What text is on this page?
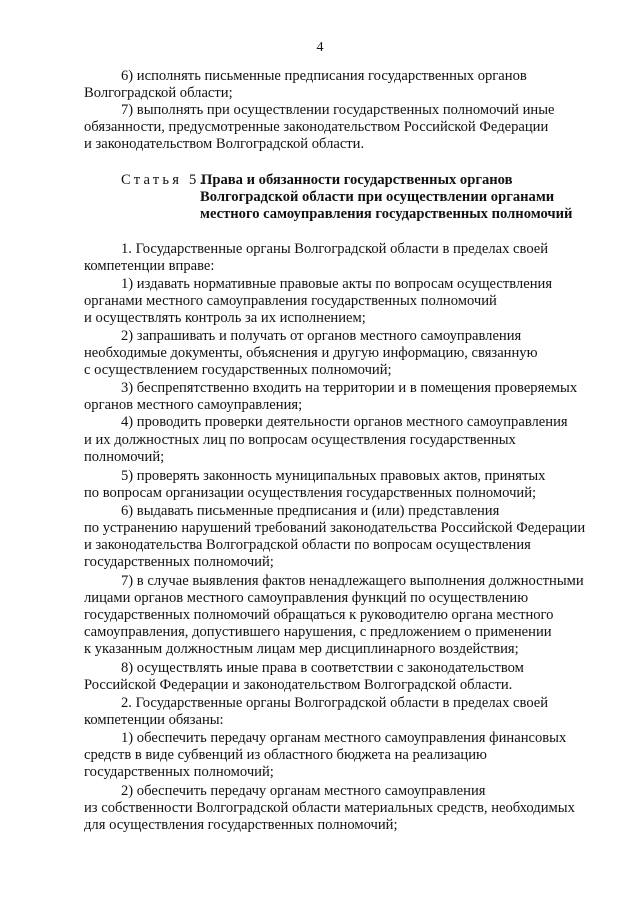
4
6) исполнять письменные предписания государственных органов
Волгоградской области;
7) выполнять при осуществлении государственных полномочий иные
обязанности, предусмотренные законодательством Российской Федерации
и законодательством Волгоградской области.
Статья 5.
Права и обязанности государственных органов
Волгоградской области при осуществлении органами
местного самоуправления государственных полномочий
1. Государственные органы Волгоградской области в пределах своей
компетенции вправе:
1) издавать нормативные правовые акты по вопросам осуществления
органами местного самоуправления государственных полномочий
и осуществлять контроль за их исполнением;
2) запрашивать и получать от органов местного самоуправления
необходимые документы, объяснения и другую информацию, связанную
с осуществлением государственных полномочий;
3) беспрепятственно входить на территории и в помещения проверяемых
органов местного самоуправления;
4) проводить проверки деятельности органов местного самоуправления
и их должностных лиц по вопросам осуществления государственных
полномочий;
5) проверять законность муниципальных правовых актов, принятых
по вопросам организации осуществления государственных полномочий;
6) выдавать письменные предписания и (или) представления
по устранению нарушений требований законодательства Российской Федерации
и законодательства Волгоградской области по вопросам осуществления
государственных полномочий;
7) в случае выявления фактов ненадлежащего выполнения должностными
лицами органов местного самоуправления функций по осуществлению
государственных полномочий обращаться к руководителю органа местного
самоуправления, допустившего нарушения, с предложением о применении
к указанным должностным лицам мер дисциплинарного воздействия;
8) осуществлять иные права в соответствии с законодательством
Российской Федерации и законодательством Волгоградской области.
2. Государственные органы Волгоградской области в пределах своей
компетенции обязаны:
1) обеспечить передачу органам местного самоуправления финансовых
средств в виде субвенций из областного бюджета на реализацию
государственных полномочий;
2) обеспечить передачу органам местного самоуправления
из собственности Волгоградской области материальных средств, необходимых
для осуществления государственных полномочий;
